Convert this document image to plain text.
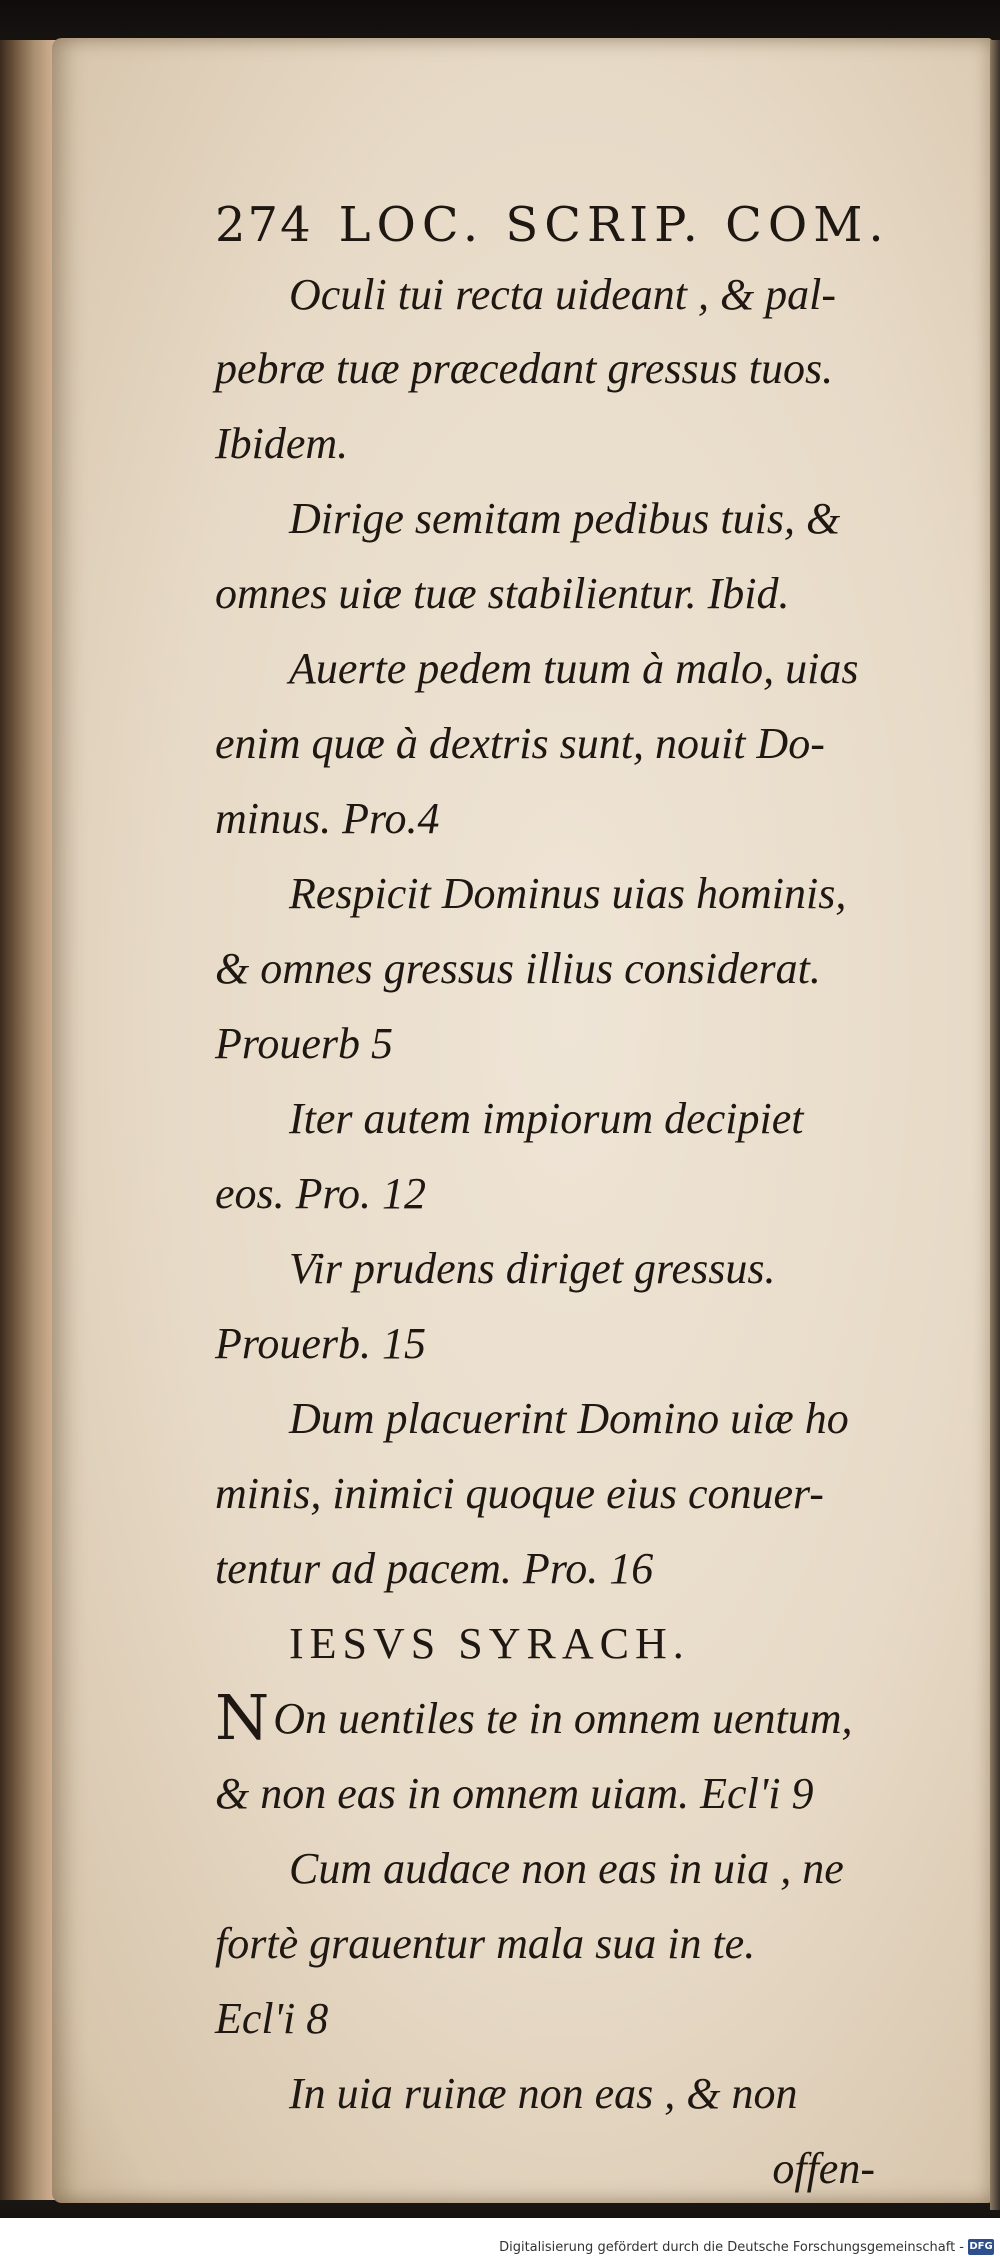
274 LOC. SCRIP. COM.
Oculi tui recta uideant , & pal-
pebræ tuæ præcedant gressus tuos.
Ibidem.
Dirige semitam pedibus tuis, &
omnes uiæ tuæ stabilientur. Ibid.
Auerte pedem tuum à malo, uias
enim quæ à dextris sunt, nouit Do-
minus. Pro.4
Respicit Dominus uias hominis,
& omnes gressus illius considerat.
Prouerb 5
Iter autem impiorum decipiet
eos. Pro. 12
Vir prudens diriget gressus.
Prouerb. 15
Dum placuerint Domino uiæ ho
minis, inimici quoque eius conuer-
tentur ad pacem. Pro. 16
IESVS SYRACH.
NOn uentiles te in omnem uentum,
& non eas in omnem uiam. Ecl'i 9
Cum audace non eas in uia , ne
fortè grauentur mala sua in te.
Ecl'i 8
In uia ruinæ non eas , & non
offen-
Digitalisierung gefördert durch die Deutsche Forschungsgemeinschaft - DFG
